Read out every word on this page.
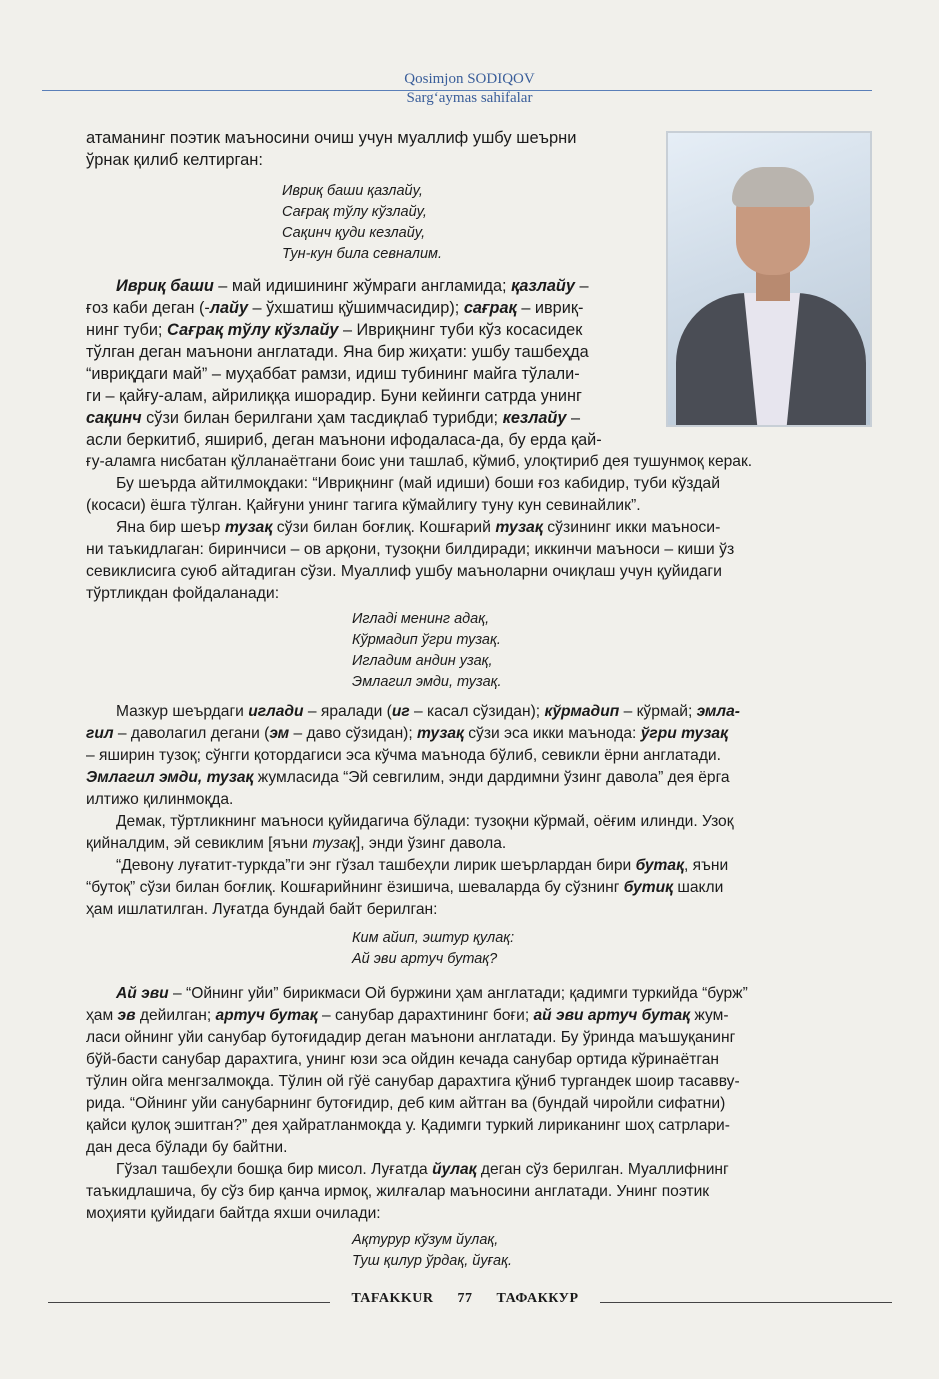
Qosimjon SODIQOV
Sarg‘aymas sahifalar
атаманинг поэтик маъносини очиш учун муаллиф ушбу шеърни
ўрнак қилиб келтирган:
Ивриқ баши қазлайу,
Сағрақ тўлу кўзлайу,
Сақинч қуди кезлайу,
Тун-кун била севналим.
Ивриқ баши – май идишининг жўмраги англамида; қазлайу –
ғоз каби деган (-лайу – ўхшатиш қўшимчасидир); сағрақ – ивриқ-
нинг туби; Сағрақ тўлу кўзлайу – Ивриқнинг туби кўз косасидек
тўлган деган маънони англатади. Яна бир жиҳати: ушбу ташбеҳда
“ивриқдаги май” – муҳаббат рамзи, идиш тубининг майга тўлали-
ги – қайғу-алам, айрилиққа ишорадир. Буни кейинги сатрда унинг
сақинч сўзи билан берилгани ҳам тасдиқлаб турибди; кезлайу –
асли беркитиб, яшириб, деган маънони ифодаласа-да, бу ерда қай-
ғу-аламга нисбатан қўлланаётгани боис уни ташлаб, кўмиб, улоқтириб дея тушунмоқ керак.
Бу шеърда айтилмоқдаки: “Ивриқнинг (май идиши) боши ғоз кабидир, туби кўздай
(косаси) ёшга тўлган. Қайғуни унинг тагига кўмайлигу туну кун севинайлик”.
Яна бир шеър тузақ сўзи билан боғлиқ. Кошғарий тузақ сўзининг икки маъноси-
ни таъкидлаган: биринчиси – ов арқони, тузоқни билдиради; иккинчи маъноси – киши ўз
севиклисига суюб айтадиган сўзи. Муаллиф ушбу маъноларни очиқлаш учун қуйидаги
тўртликдан фойдаланади:
Игладi менинг адақ,
Кўрмадип ўгри тузақ.
Игладим андин узақ,
Эмлагил эмди, тузақ.
Мазкур шеърдаги иглади – яралади (иг – касал сўзидан); кўрмадип – кўрмай; эмла-
гил – даволагил дегани (эм – даво сўзидан); тузақ сўзи эса икки маънода: ўгри тузақ
– яширин тузоқ; сўнгги қотордагиси эса кўчма маънода бўлиб, севикли ёрни англатади.
Эмлагил эмди, тузақ жумласида “Эй севгилим, энди дардимни ўзинг давола” дея ёрга
илтижо қилинмоқда.
Демак, тўртликнинг маъноси қуйидагича бўлади: тузоқни кўрмай, оёғим илинди. Узоқ
қийналдим, эй севиклим [яъни тузақ], энди ўзинг давола.
“Девону луғатит-туркда”ги энг гўзал ташбеҳли лирик шеърлардан бири бутақ, яъни
“бутоқ” сўзи билан боғлиқ. Кошғарийнинг ёзишича, шеваларда бу сўзнинг бутиқ шакли
ҳам ишлатилган. Луғатда бундай байт берилган:
Ким айип, эштур қулақ:
Ай эви артуч бутақ?
Ай эви – “Ойнинг уйи” бирикмаси Ой буржини ҳам англатади; қадимги туркийда “бурж”
ҳам эв дейилган; артуч бутақ – санубар дарахтининг боғи; ай эви артуч бутақ жум-
ласи ойнинг уйи санубар бутоғидадир деган маънони англатади. Бу ўринда маъшуқанинг
бўй-басти санубар дарахтига, унинг юзи эса ойдин кечада санубар ортида кўринаётган
тўлин ойга менгзалмоқда. Тўлин ой гўё санубар дарахтига қўниб тургандек шоир тасавву-
рида. “Ойнинг уйи санубарнинг бутоғидир, деб ким айтган ва (бундай чиройли сифатни)
қайси қулоқ эшитган?” дея ҳайратланмоқда у. Қадимги туркий лириканинг шоҳ сатрлари-
дан деса бўлади бу байтни.
Гўзал ташбеҳли бошқа бир мисол. Луғатда йулақ деган сўз берилган. Муаллифнинг
таъкидлашича, бу сўз бир қанча ирмоқ, жилғалар маъносини англатади. Унинг поэтик
моҳияти қуйидаги байтда яхши очилади:
Ақтурур кўзум йулақ,
Туш қилур ўрдақ, йуғақ.
TAFAKKUR 77 ТАФАККУР
